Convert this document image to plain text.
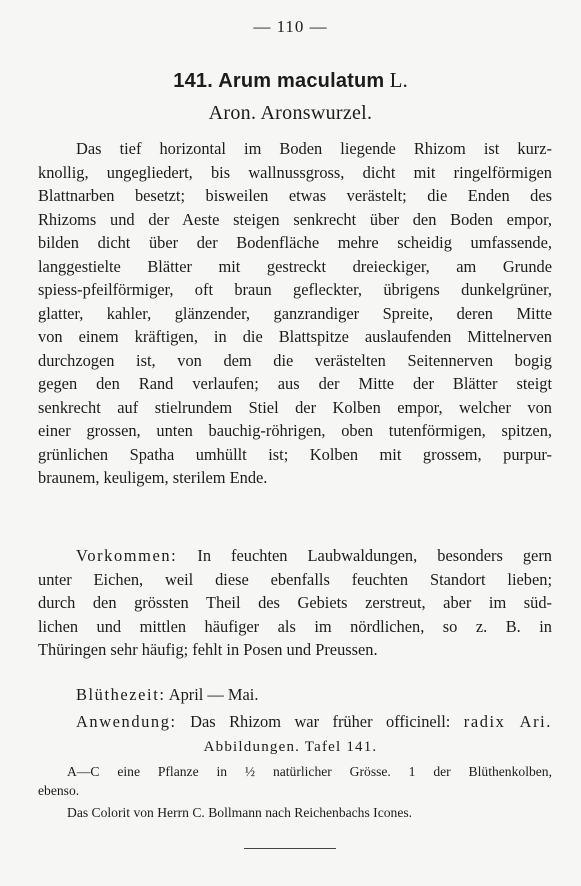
— 110 —
141. Arum maculatum L.
Aron. Aronswurzel.
Das tief horizontal im Boden liegende Rhizom ist kurz-
knollig, ungegliedert, bis wallnussgross, dicht mit ringelförmigen
Blattnarben besetzt; bisweilen etwas verästelt; die Enden des
Rhizoms und der Aeste steigen senkrecht über den Boden empor,
bilden dicht über der Bodenfläche mehre scheidig umfassende,
langgestielte Blätter mit gestreckt dreieckiger, am Grunde
spiess-pfeilförmiger, oft braun gefleckter, übrigens dunkelgrüner,
glatter, kahler, glänzender, ganzrandiger Spreite, deren Mitte
von einem kräftigen, in die Blattspitze auslaufenden Mittelnerven
durchzogen ist, von dem die verästelten Seitennerven bogig
gegen den Rand verlaufen; aus der Mitte der Blätter steigt
senkrecht auf stielrundem Stiel der Kolben empor, welcher von
einer grossen, unten bauchig-röhrigen, oben tutenförmigen, spitzen,
grünlichen Spatha umhüllt ist; Kolben mit grossem, purpur-
braunem, keuligem, sterilem Ende.
Vorkommen: In feuchten Laubwaldungen, besonders gern
unter Eichen, weil diese ebenfalls feuchten Standort lieben;
durch den grössten Theil des Gebiets zerstreut, aber im süd-
lichen und mittlen häufiger als im nördlichen, so z. B. in
Thüringen sehr häufig; fehlt in Posen und Preussen.
Blüthezeit: April — Mai.
Anwendung: Das Rhizom war früher officinell: radix Ari.
Abbildungen. Tafel 141.
A—C eine Pflanze in ½ natürlicher Grösse. 1 der Blüthenkolben,
ebenso.
Das Colorit von Herrn C. Bollmann nach Reichenbachs Icones.
